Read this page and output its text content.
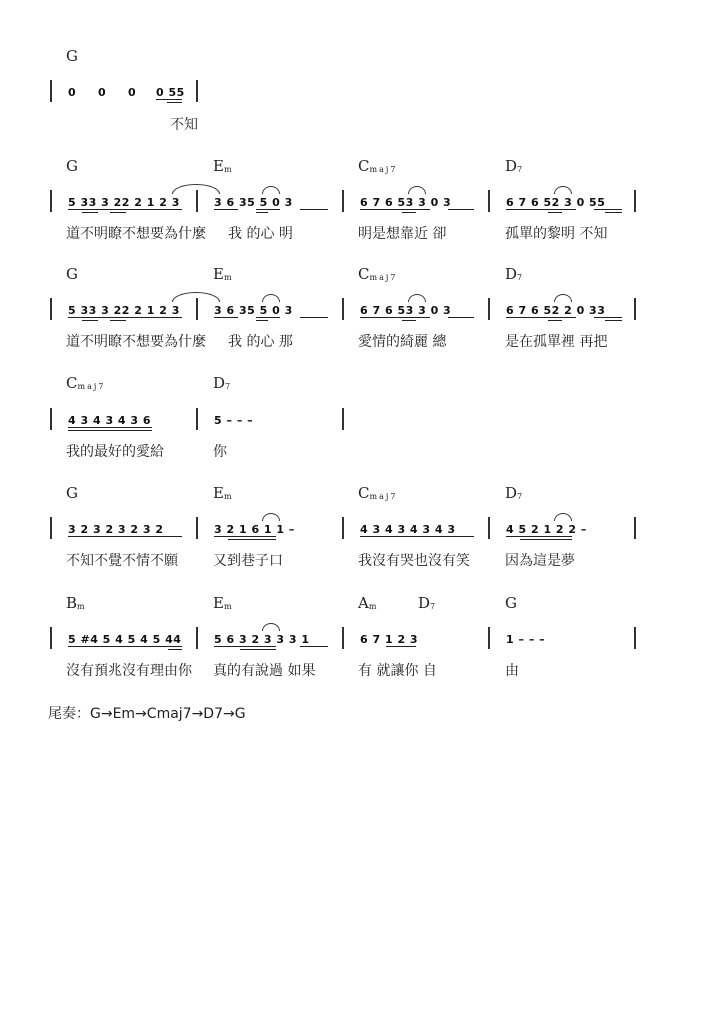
G
0 0 0 0 55
不知
G	$E_m$	$C_{maj7}$	$D_7$
5 33 3 22 2 1 2 3	3 6 35 5 0 3	6 7 6 53 3 0 3	6 7 6 52 3 0 55
道不明瞭不想要為什麼 我 的心 明	明是想靠近 卻	孤單的黎明 不知
G	$E_m$	$C_{maj7}$	$D_7$
5 33 3 22 2 1 2 3	3 6 35 5 0 3	6 7 6 53 3 0 3	6 7 6 52 2 0 33
道不明瞭不想要為什麼 我 的心 那	愛情的綺麗 總	是在孤單裡 再把
$C_{maj7}$	$D_7$
4 3 4 3 4 3 6	5 – – –
我的最好的愛給	你
G	$E_m$	$C_{maj7}$	$D_7$
3 2 3 2 3 2 3 2	3 2 1 6 1 1 –	4 3 4 3 4 3 4 3	4 5 2 1 2 2 –
不知不覺不情不願	又到巷子口	我沒有哭也沒有笑	因為這是夢
$B_m$	$E_m$	$A_m$	$D_7$	G
5 #4 5 4 5 4 5 44	5 6 3 2 3 3 3 1	6 7 1 2 3	1 – – –
沒有預兆沒有理由你 真的有說過 如果	有 就讓你 自	由
尾奏：G→Em→Cmaj7→D7→G
